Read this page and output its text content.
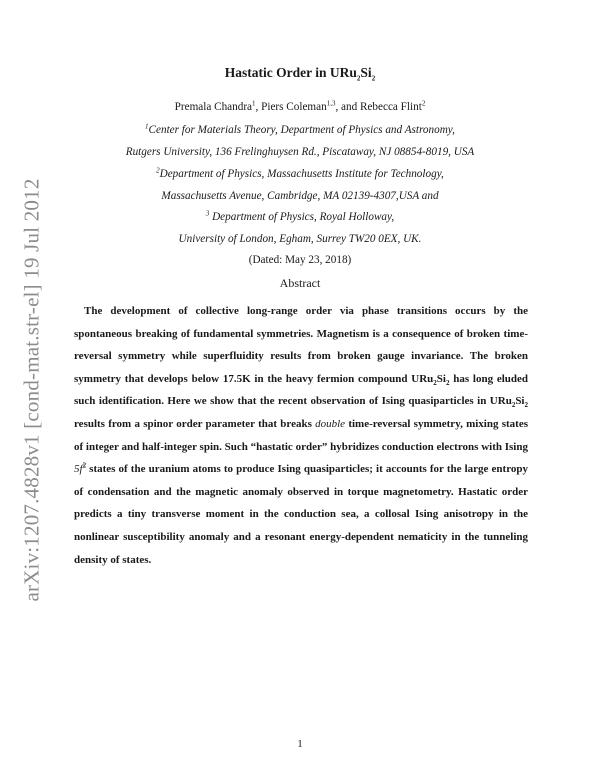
arXiv:1207.4828v1 [cond-mat.str-el] 19 Jul 2012
Hastatic Order in $URu_2Si_2$
Premala Chandra$^1$, Piers Coleman$^{1,3}$, and Rebecca Flint$^2$
$^1$Center for Materials Theory, Department of Physics and Astronomy,
Rutgers University, 136 Frelinghuysen Rd., Piscataway, NJ 08854-8019, USA
$^2$Department of Physics, Massachusetts Institute for Technology,
Massachusetts Avenue, Cambridge, MA 02139-4307,USA and
$^3$ Department of Physics, Royal Holloway,
University of London, Egham, Surrey TW20 0EX, UK.
(Dated: May 23, 2018)
Abstract
The development of collective long-range order via phase transitions occurs by the spontaneous breaking of fundamental symmetries. Magnetism is a consequence of broken time-reversal symmetry while superfluidity results from broken gauge invariance. The broken symmetry that develops below 17.5K in the heavy fermion compound $URu_2Si_2$ has long eluded such identification. Here we show that the recent observation of Ising quasiparticles in $URu_2Si_2$ results from a spinor order parameter that breaks double time-reversal symmetry, mixing states of integer and half-integer spin. Such “hastatic order” hybridizes conduction electrons with Ising $5f^2$ states of the uranium atoms to produce Ising quasiparticles; it accounts for the large entropy of condensation and the magnetic anomaly observed in torque magnetometry. Hastatic order predicts a tiny transverse moment in the conduction sea, a collosal Ising anisotropy in the nonlinear susceptibility anomaly and a resonant energy-dependent nematicity in the tunneling density of states.
1
